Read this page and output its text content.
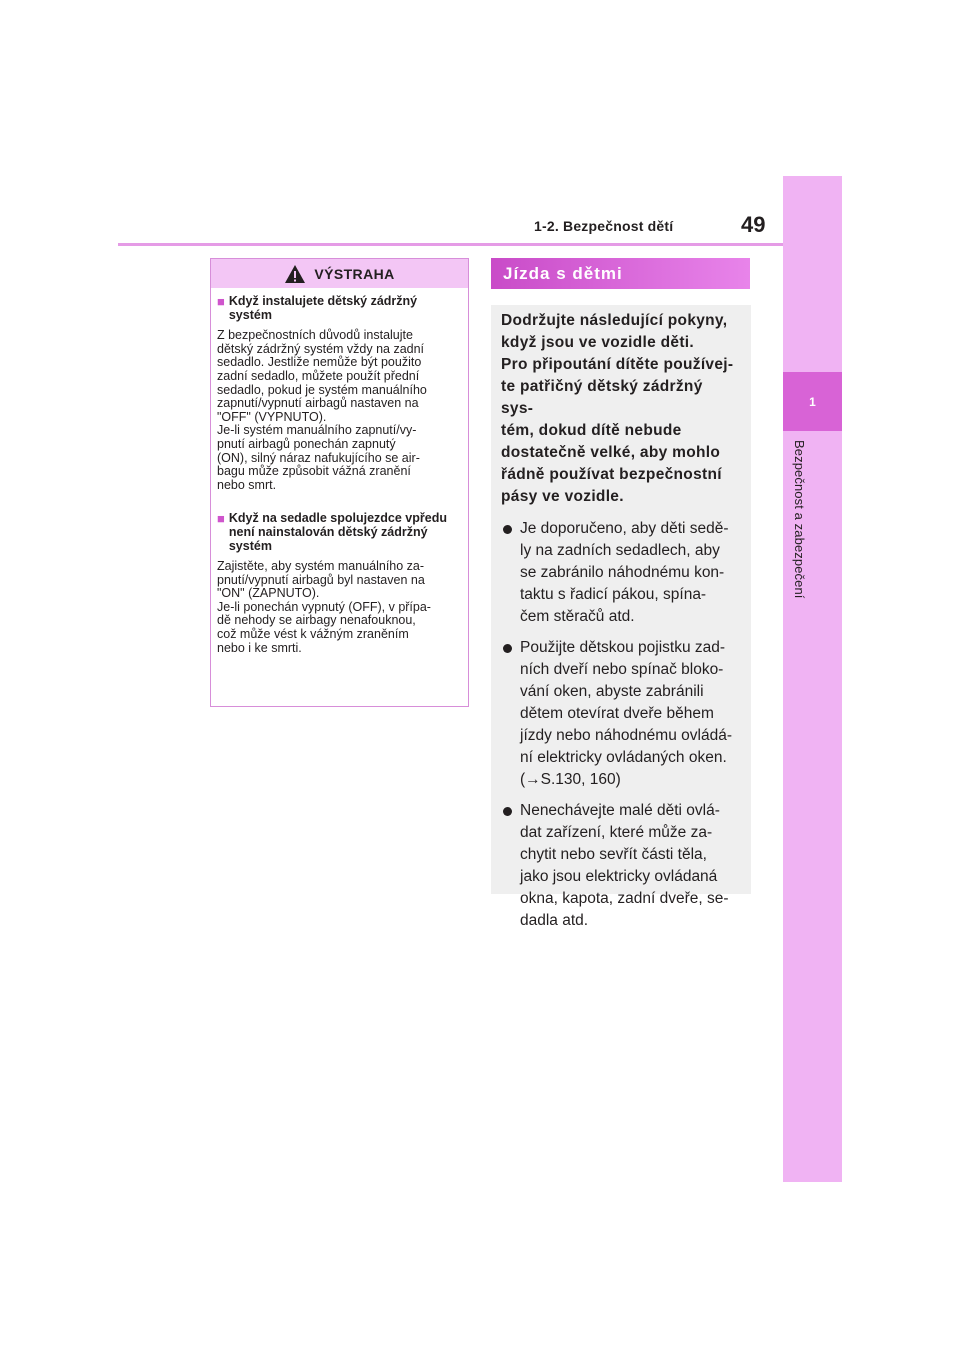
1
Bezpečnost a zabezpečení
1-2. Bezpečnost dětí	49
VÝSTRAHA
■ Když instalujete dětský zádržný systém
Z bezpečnostních důvodů instalujte
dětský zádržný systém vždy na zadní
sedadlo. Jestliže nemůže být použito
zadní sedadlo, můžete použít přední
sedadlo, pokud je systém manuálního
zapnutí/vypnutí airbagů nastaven na
"OFF" (VYPNUTO).
Je-li systém manuálního zapnutí/vy-
pnutí airbagů ponechán zapnutý
(ON), silný náraz nafukujícího se air-
bagu může způsobit vážná zranění
nebo smrt.
■ Když na sedadle spolujezdce vpředu není nainstalován dětský zádržný systém
Zajistěte, aby systém manuálního za-
pnutí/vypnutí airbagů byl nastaven na
"ON" (ZAPNUTO).
Je-li ponechán vypnutý (OFF), v přípa-
dě nehody se airbagy nenafouknou,
což může vést k vážným zraněním
nebo i ke smrti.
Jízda s dětmi
Dodržujte následující pokyny,
když jsou ve vozidle děti.
Pro připoutání dítěte používej-
te patřičný dětský zádržný sys-
tém, dokud dítě nebude
dostatečně velké, aby mohlo
řádně používat bezpečnostní
pásy ve vozidle.
Je doporučeno, aby děti sedě-
ly na zadních sedadlech, aby
se zabránilo náhodnému kon-
taktu s řadicí pákou, spína-
čem stěračů atd.
Použijte dětskou pojistku zad-
ních dveří nebo spínač bloko-
vání oken, abyste zabránili
dětem otevírat dveře během
jízdy nebo náhodnému ovládá-
ní elektricky ovládaných oken.
(→S.130, 160)
Nenechávejte malé děti ovlá-
dat zařízení, které může za-
chytit nebo sevřít části těla,
jako jsou elektricky ovládaná
okna, kapota, zadní dveře, se-
dadla atd.
